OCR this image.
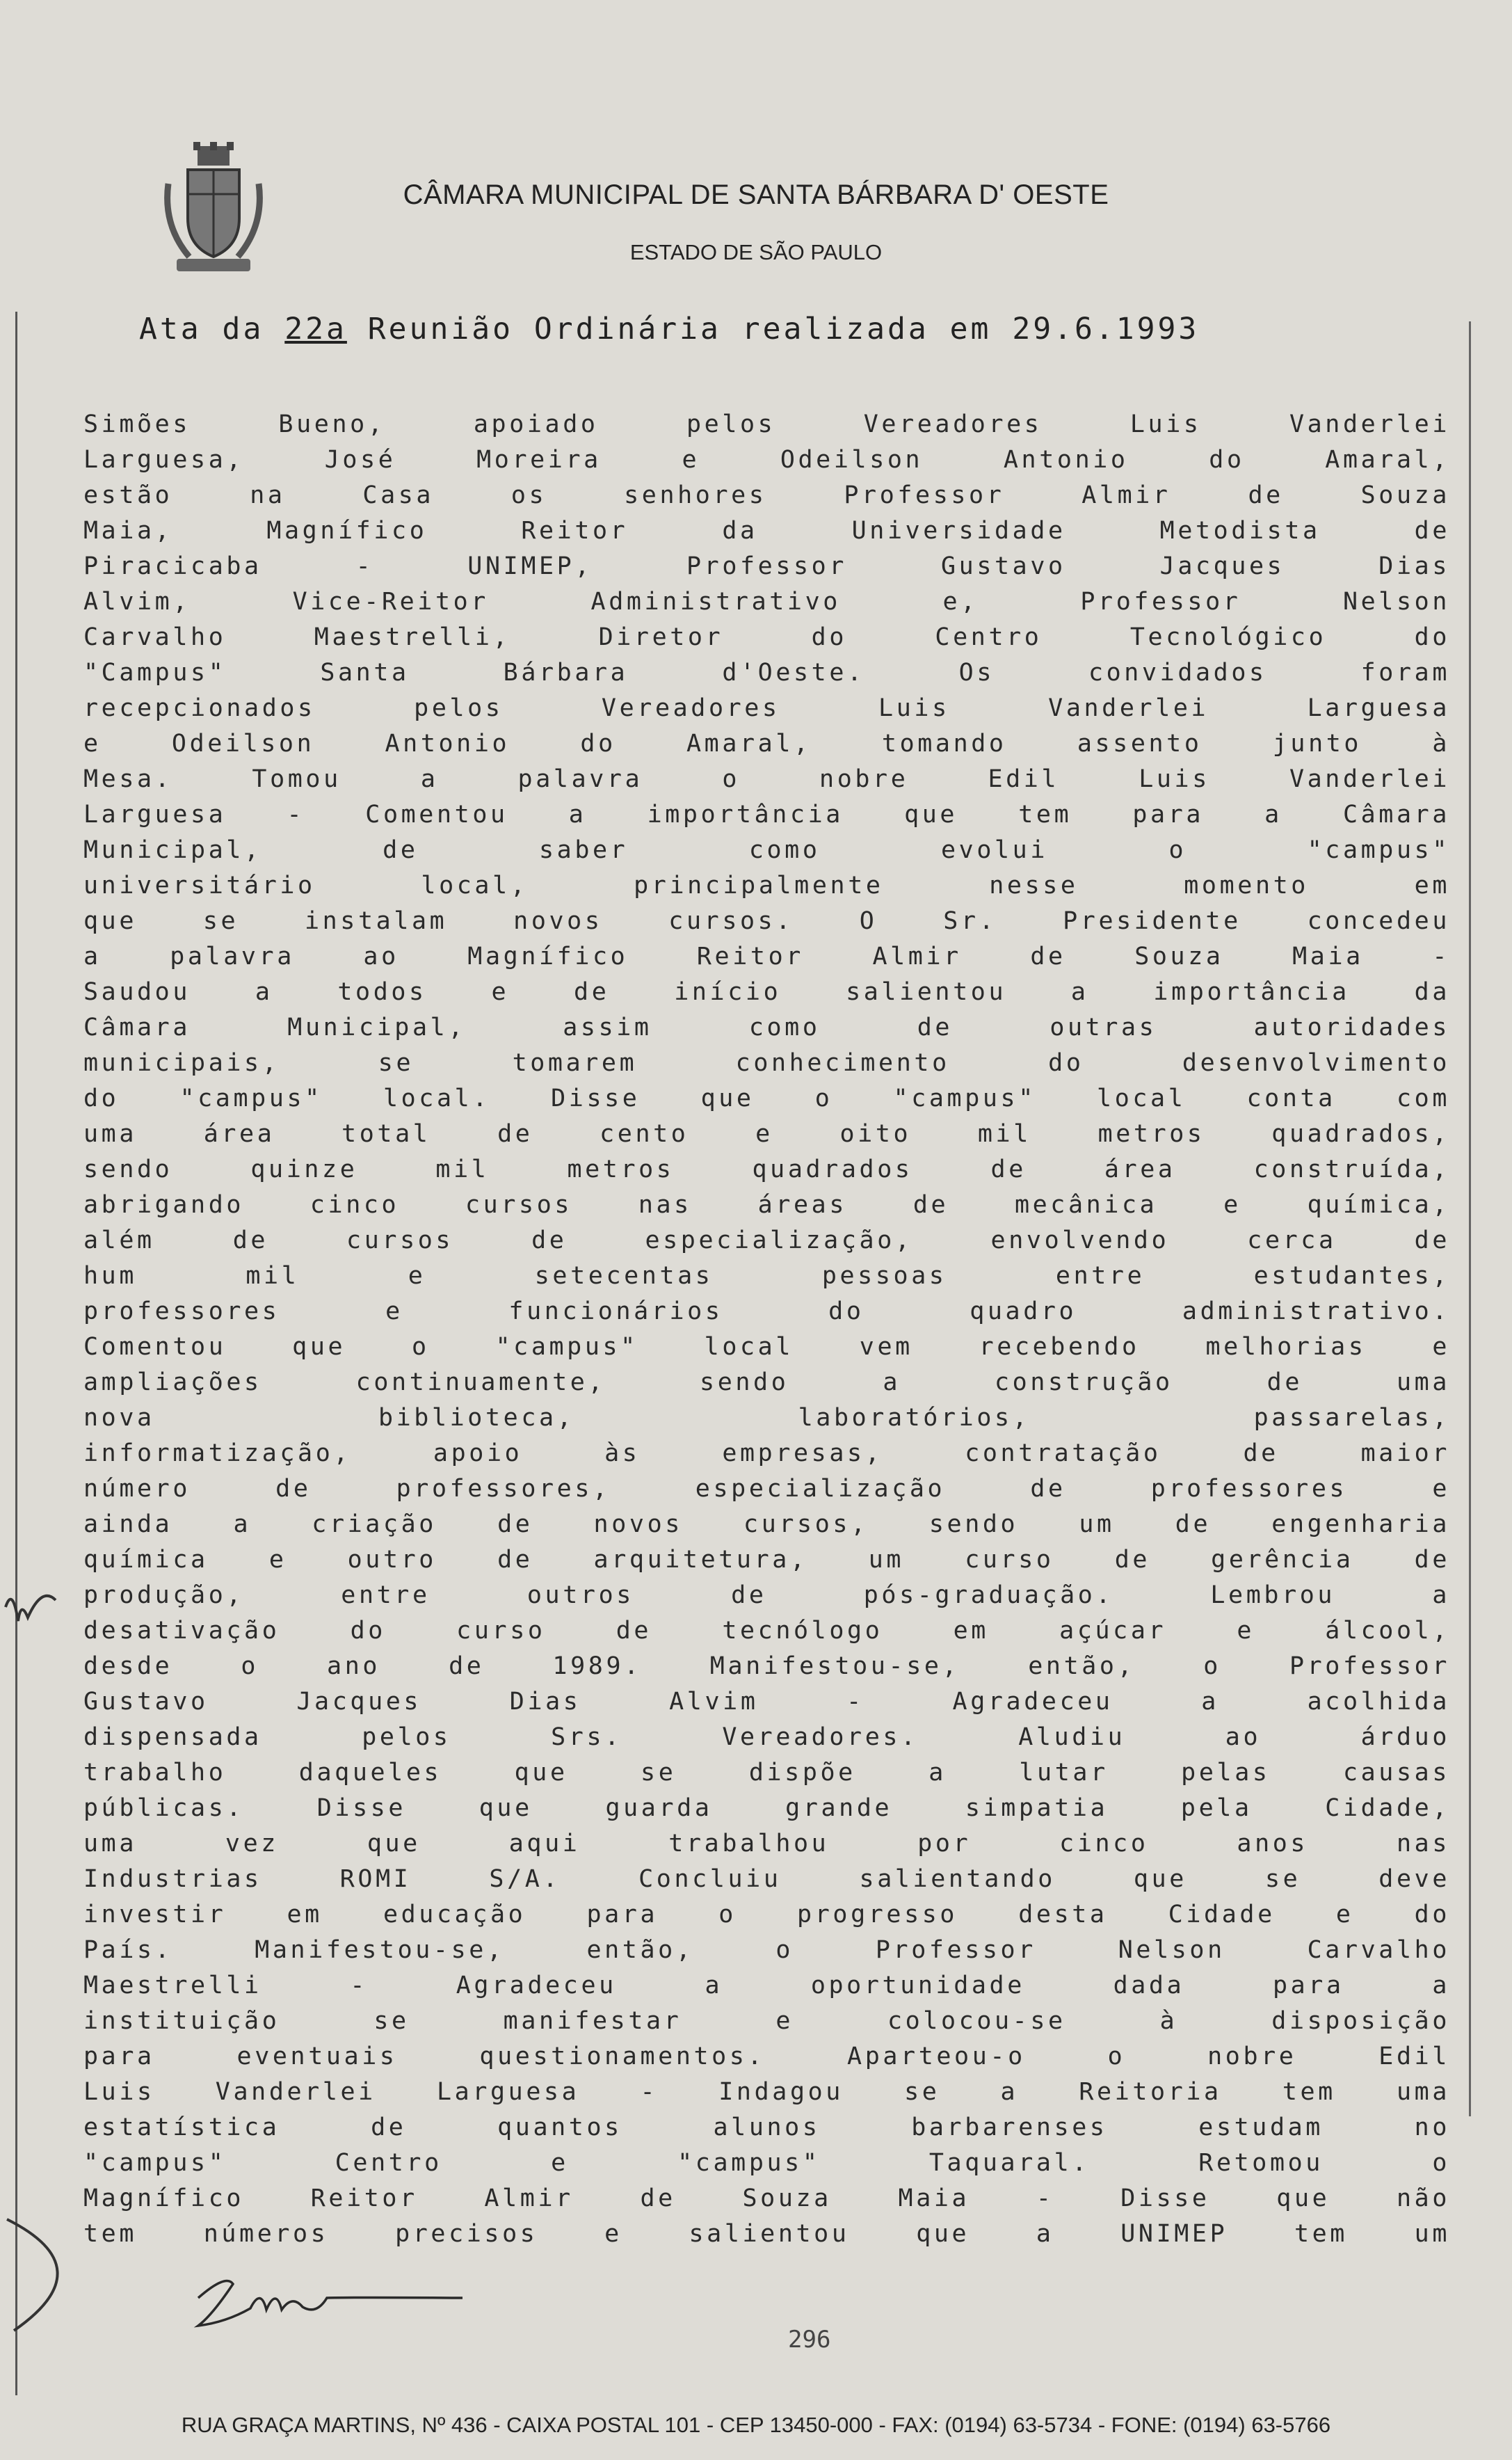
CÂMARA MUNICIPAL DE SANTA BÁRBARA D' OESTE
ESTADO DE SÃO PAULO
Ata da 22a Reunião Ordinária realizada em 29.6.1993
Simões Bueno, apoiado pelos Vereadores Luis Vanderlei
Larguesa, José Moreira e Odeilson Antonio do Amaral,
estão na Casa os senhores Professor Almir de Souza
Maia, Magnífico Reitor da Universidade Metodista de
Piracicaba - UNIMEP, Professor Gustavo Jacques Dias
Alvim, Vice-Reitor Administrativo e, Professor Nelson
Carvalho Maestrelli, Diretor do Centro Tecnológico do
"Campus" Santa Bárbara d'Oeste. Os convidados foram
recepcionados pelos Vereadores Luis Vanderlei Larguesa
e Odeilson Antonio do Amaral, tomando assento junto à
Mesa. Tomou a palavra o nobre Edil Luis Vanderlei
Larguesa - Comentou a importância que tem para a Câmara
Municipal, de saber como evolui o "campus"
universitário local, principalmente nesse momento em
que se instalam novos cursos. O Sr. Presidente concedeu
a palavra ao Magnífico Reitor Almir de Souza Maia -
Saudou a todos e de início salientou a importância da
Câmara Municipal, assim como de outras autoridades
municipais, se tomarem conhecimento do desenvolvimento
do "campus" local. Disse que o "campus" local conta com
uma área total de cento e oito mil metros quadrados,
sendo quinze mil metros quadrados de área construída,
abrigando cinco cursos nas áreas de mecânica e química,
além de cursos de especialização, envolvendo cerca de
hum mil e setecentas pessoas entre estudantes,
professores e funcionários do quadro administrativo.
Comentou que o "campus" local vem recebendo melhorias e
ampliações continuamente, sendo a construção de uma
nova biblioteca, laboratórios, passarelas,
informatização, apoio às empresas, contratação de maior
número de professores, especialização de professores e
ainda a criação de novos cursos, sendo um de engenharia
química e outro de arquitetura, um curso de gerência de
produção, entre outros de pós-graduação. Lembrou a
desativação do curso de tecnólogo em açúcar e álcool,
desde o ano de 1989. Manifestou-se, então, o Professor
Gustavo Jacques Dias Alvim - Agradeceu a acolhida
dispensada pelos Srs. Vereadores. Aludiu ao árduo
trabalho daqueles que se dispõe a lutar pelas causas
públicas. Disse que guarda grande simpatia pela Cidade,
uma vez que aqui trabalhou por cinco anos nas
Industrias ROMI S/A. Concluiu salientando que se deve
investir em educação para o progresso desta Cidade e do
País. Manifestou-se, então, o Professor Nelson Carvalho
Maestrelli - Agradeceu a oportunidade dada para a
instituição se manifestar e colocou-se à disposição
para eventuais questionamentos. Aparteou-o o nobre Edil
Luis Vanderlei Larguesa - Indagou se a Reitoria tem uma
estatística de quantos alunos barbarenses estudam no
"campus" Centro e "campus" Taquaral. Retomou o
Magnífico Reitor Almir de Souza Maia - Disse que não
tem números precisos e salientou que a UNIMEP tem um
296
RUA GRAÇA MARTINS, Nº 436 - CAIXA POSTAL 101 - CEP 13450-000 - FAX: (0194) 63-5734 - FONE: (0194) 63-5766
